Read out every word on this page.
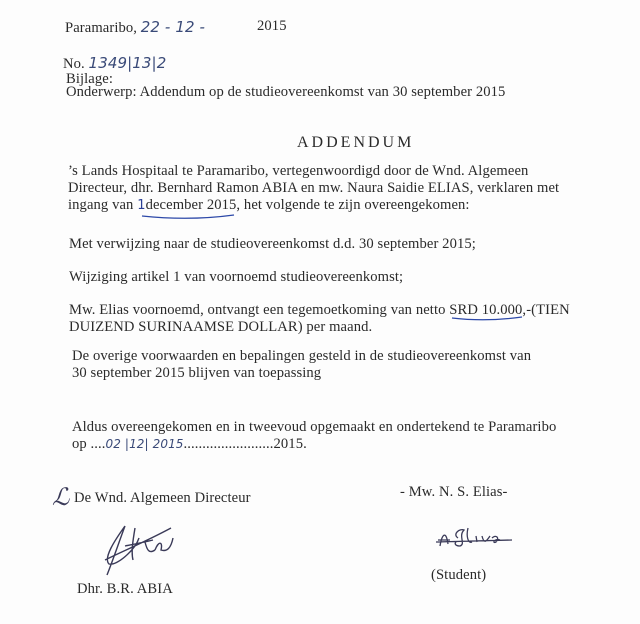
Paramaribo, 22 - 12 -	2015
No. 1349|13|2
Bijlage:
Onderwerp: Addendum op de studieovereenkomst van 30 september 2015
ADDENDUM
’s Lands Hospitaal te Paramaribo, vertegenwoordigd door de Wnd. Algemeen
Directeur, dhr. Bernhard Ramon ABIA en mw. Naura Saidie ELIAS, verklaren met
ingang van 1december 2015, het volgende te zijn overeengekomen:
Met verwijzing naar de studieovereenkomst d.d. 30 september 2015;
Wijziging artikel 1 van voornoemd studieovereenkomst;
Mw. Elias voornoemd, ontvangt een tegemoetkoming van netto SRD 10.000,-(TIEN
DUIZEND SURINAAMSE DOLLAR) per maand.
De overige voorwaarden en bepalingen gesteld in de studieovereenkomst van
30 september 2015 blijven van toepassing
Aldus overeengekomen en in tweevoud opgemaakt en ondertekend te Paramaribo
op ....02 |12| 2015........................2015.
ℒ De Wnd. Algemeen Directeur
Dhr. B.R. ABIA
- Mw. N. S. Elias-
(Student)
